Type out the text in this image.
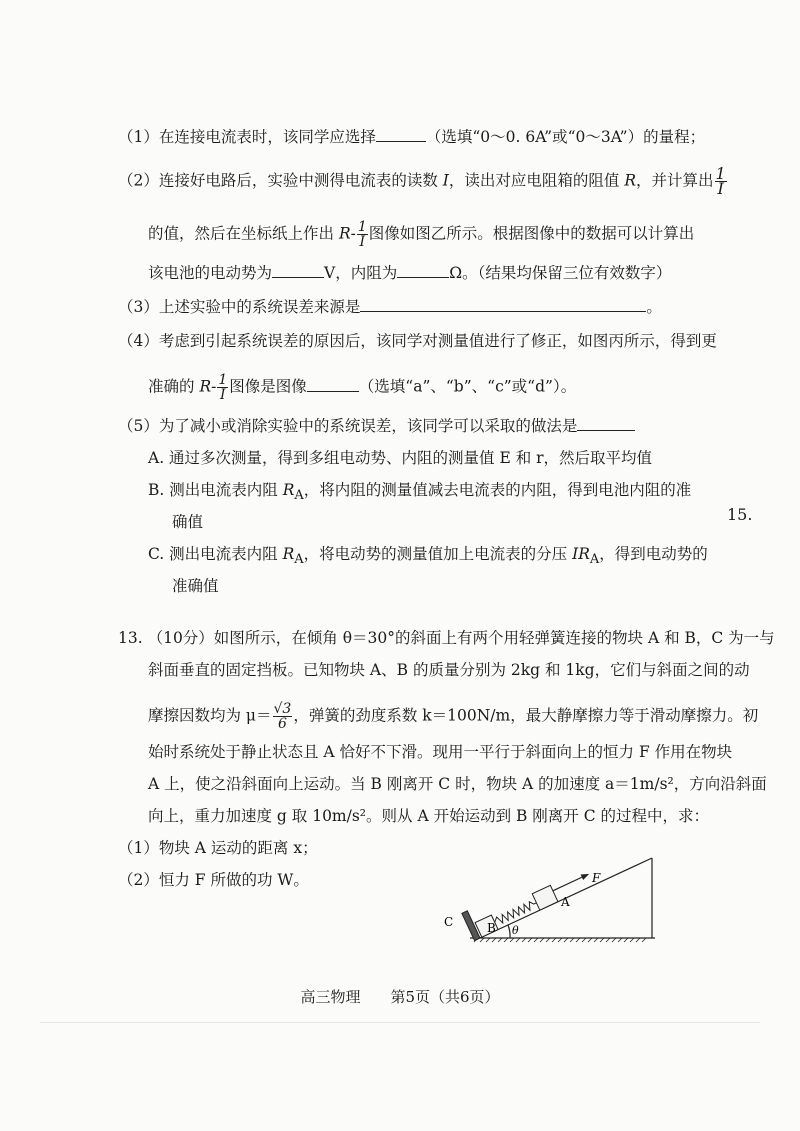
（1）在连接电流表时，该同学应选择	（选填“0～0. 6A”或“0～3A”）的量程；
（2）连接好电路后，实验中测得电流表的读数 I，读出对应电阻箱的阻值 R，并计算出 $\frac{1}{I}$
的值，然后在坐标纸上作出 $R- \frac{1}{I}$ 图像如图乙所示。根据图像中的数据可以计算出
该电池的电动势为	V，内阻为	Ω。（结果均保留三位有效数字）
（3）上述实验中的系统误差来源是	。
（4）考虑到引起系统误差的原因后，该同学对测量值进行了修正，如图丙所示，得到更
准确的 $R- \frac{1}{I}$ 图像是图像	（选填“a”、“b”、“c”或“d”）。
（5）为了减小或消除实验中的系统误差，该同学可以采取的做法是
A. 通过多次测量，得到多组电动势、内阻的测量值 E 和 r，然后取平均值
B. 测出电流表内阻 $R_A$，将内阻的测量值减去电流表的内阻，得到电池内阻的准
确值
C. 测出电流表内阻 $R_A$，将电动势的测量值加上电流表的分压 $IR_A$，得到电动势的
准确值
15.
13. （10分）如图所示，在倾角 θ＝30°的斜面上有两个用轻弹簧连接的物块 A 和 B，C 为一与
斜面垂直的固定挡板。已知物块 A、B 的质量分别为 2kg 和 1kg，它们与斜面之间的动
摩擦因数均为 $\mu= \frac{√3}{6}$ ，弹簧的劲度系数 k＝100N/m，最大静摩擦力等于滑动摩擦力。初
始时系统处于静止状态且 A 恰好不下滑。现用一平行于斜面向上的恒力 F 作用在物块
A 上，使之沿斜面向上运动。当 B 刚离开 C 时，物块 A 的加速度 a＝1m/s²，方向沿斜面
向上，重力加速度 g 取 10m/s²。则从 A 开始运动到 B 刚离开 C 的过程中，求：
（1）物块 A 运动的距离 x；
（2）恒力 F 所做的功 W。
C	B
A
F
θ
高三物理　　第5页（共6页）
